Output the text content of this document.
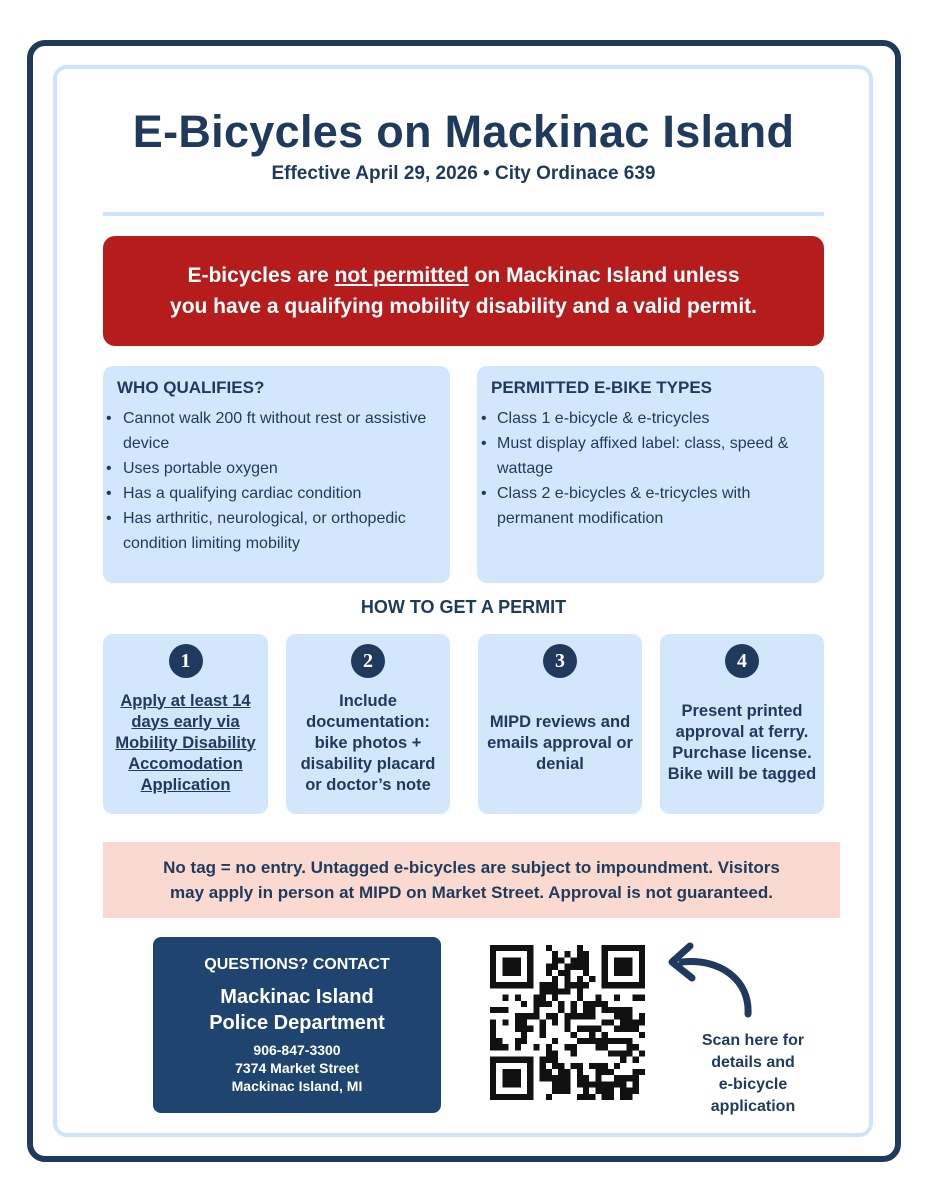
E-Bicycles on Mackinac Island
Effective April 29, 2026 • City Ordinace 639
E-bicycles are not permitted on Mackinac Island unless
you have a qualifying mobility disability and a valid permit.
WHO QUALIFIES?
• Cannot walk 200 ft without rest or assistive device
• Uses portable oxygen
• Has a qualifying cardiac condition
• Has arthritic, neurological, or orthopedic condition limiting mobility
PERMITTED E-BIKE TYPES
• Class 1 e-bicycle & e-tricycles
• Must display affixed label: class, speed & wattage
• Class 2 e-bicycles & e-tricycles with permanent modification
HOW TO GET A PERMIT
1
Apply at least 14 days early via Mobility Disability Accomodation Application
2
Include documentation: bike photos + disability placard or doctor’s note
3
MIPD reviews and emails approval or denial
4
Present printed approval at ferry. Purchase license. Bike will be tagged
No tag = no entry. Untagged e-bicycles are subject to impoundment. Visitors
may apply in person at MIPD on Market Street. Approval is not guaranteed.
QUESTIONS? CONTACT
Mackinac Island
Police Department
906-847-3300
7374 Market Street
Mackinac Island, MI
Scan here for
details and
e-bicycle
application
